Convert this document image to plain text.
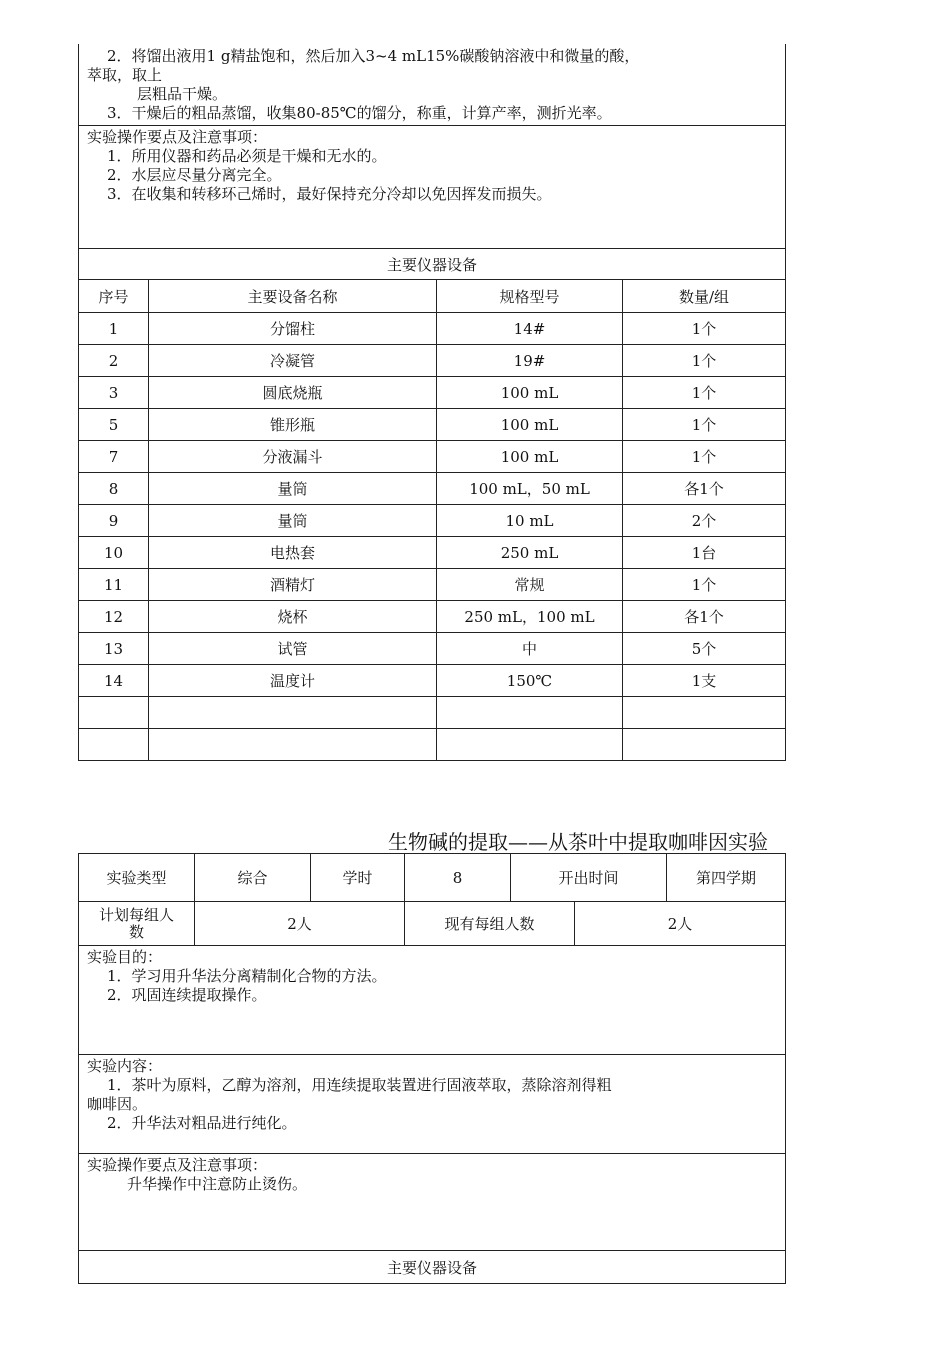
2．将馏出液用1 g精盐饱和，然后加入3~4 mL15%碳酸钠溶液中和微量的酸，

萃取，取上

层粗品干燥。

3．干燥后的粗品蒸馏，收集80-85℃的馏分，称重，计算产率，测折光率。			

实验操作要点及注意事项：

1．所用仪器和药品必须是干燥和无水的。

2．水层应尽量分离完全。

3．在收集和转移环己烯时，最好保持充分冷却以免因挥发而损失。			

主要仪器设备			
序号	主要设备名称	规格型号	数量/组
1	分馏柱	14#	1个
2	冷凝管	19#	1个
3	圆底烧瓶	100 mL	1个
5	锥形瓶	100 mL	1个
7	分液漏斗	100 mL	1个
8	量筒	100 mL，50 mL	各1个
9	量筒	10 mL	2个
10	电热套	250 mL	1台
11	酒精灯	常规	1个
12	烧杯	250 mL，100 mL	各1个
13	试管	中	5个
14	温度计	150℃	1支

生物碱的提取——从茶叶中提取咖啡因实验
实验类型	综合	学时	8	开出时间		第四学期
计划每组人数	2人		现有每组人数		2人	

实验目的：

1．学习用升华法分离精制化合物的方法。

2．巩固连续提取操作。						

实验内容：

1．茶叶为原料，乙醇为溶剂，用连续提取装置进行固液萃取，蒸除溶剂得粗

咖啡因。

2．升华法对粗品进行纯化。						

实验操作要点及注意事项：

升华操作中注意防止烫伤。						

主要仪器设备						
